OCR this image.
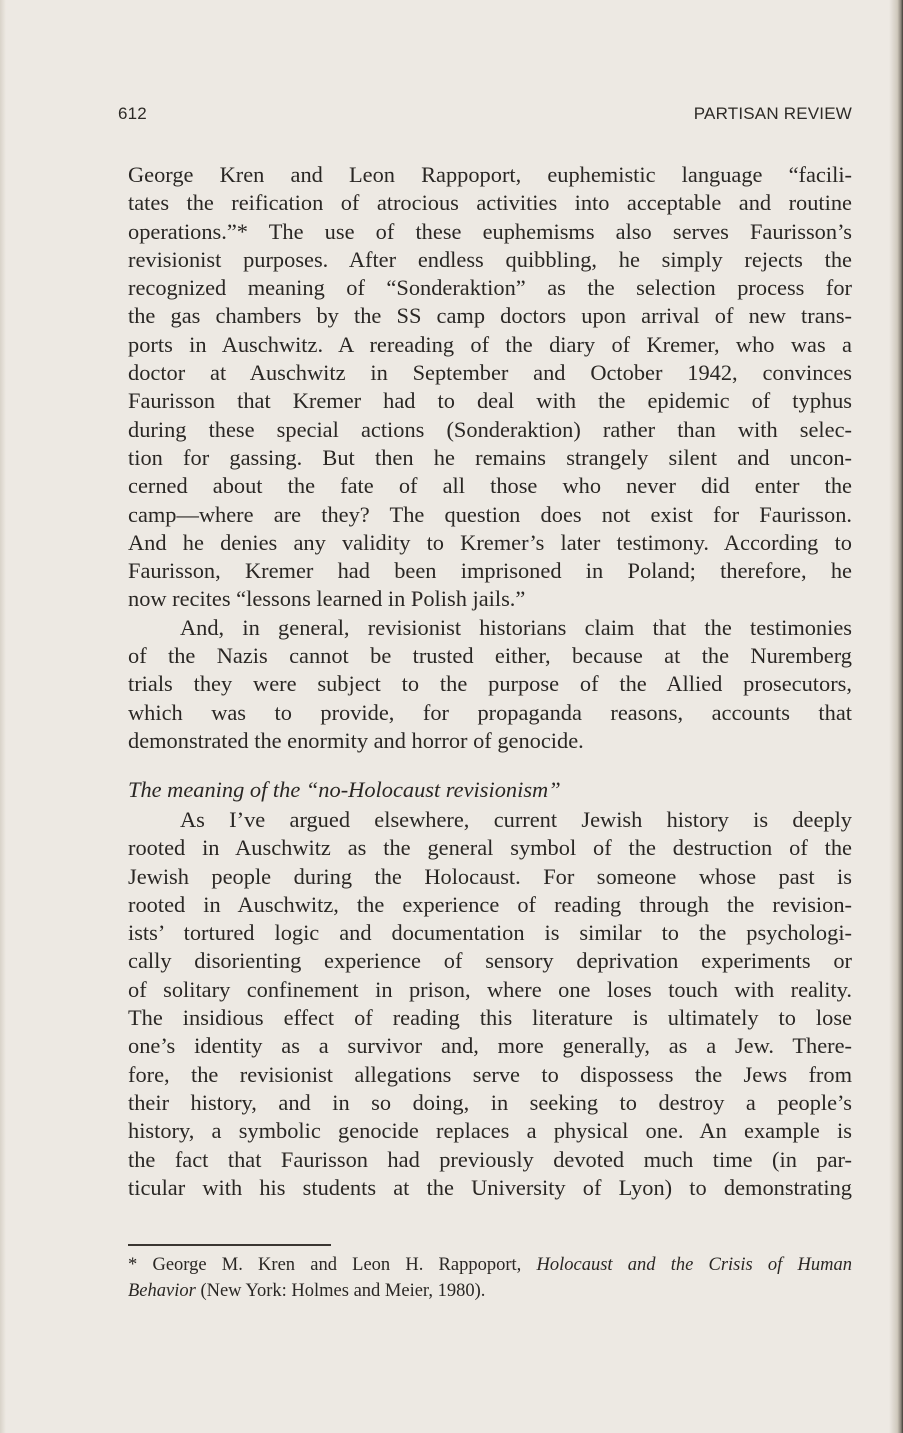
612	PARTISAN REVIEW
George Kren and Leon Rappoport, euphemistic language “facili-
tates the reification of atrocious activities into acceptable and routine
operations.”* The use of these euphemisms also serves Faurisson’s
revisionist purposes. After endless quibbling, he simply rejects the
recognized meaning of “Sonderaktion” as the selection process for
the gas chambers by the SS camp doctors upon arrival of new trans-
ports in Auschwitz. A rereading of the diary of Kremer, who was a
doctor at Auschwitz in September and October 1942, convinces
Faurisson that Kremer had to deal with the epidemic of typhus
during these special actions (Sonderaktion) rather than with selec-
tion for gassing. But then he remains strangely silent and uncon-
cerned about the fate of all those who never did enter the
camp—where are they? The question does not exist for Faurisson.
And he denies any validity to Kremer’s later testimony. According to
Faurisson, Kremer had been imprisoned in Poland; therefore, he
now recites “lessons learned in Polish jails.”
And, in general, revisionist historians claim that the testimonies
of the Nazis cannot be trusted either, because at the Nuremberg
trials they were subject to the purpose of the Allied prosecutors,
which was to provide, for propaganda reasons, accounts that
demonstrated the enormity and horror of genocide.
The meaning of the “no-Holocaust revisionism”
As I’ve argued elsewhere, current Jewish history is deeply
rooted in Auschwitz as the general symbol of the destruction of the
Jewish people during the Holocaust. For someone whose past is
rooted in Auschwitz, the experience of reading through the revision-
ists’ tortured logic and documentation is similar to the psychologi-
cally disorienting experience of sensory deprivation experiments or
of solitary confinement in prison, where one loses touch with reality.
The insidious effect of reading this literature is ultimately to lose
one’s identity as a survivor and, more generally, as a Jew. There-
fore, the revisionist allegations serve to dispossess the Jews from
their history, and in so doing, in seeking to destroy a people’s
history, a symbolic genocide replaces a physical one. An example is
the fact that Faurisson had previously devoted much time (in par-
ticular with his students at the University of Lyon) to demonstrating
* George M. Kren and Leon H. Rappoport, Holocaust and the Crisis of Human
Behavior (New York: Holmes and Meier, 1980).
